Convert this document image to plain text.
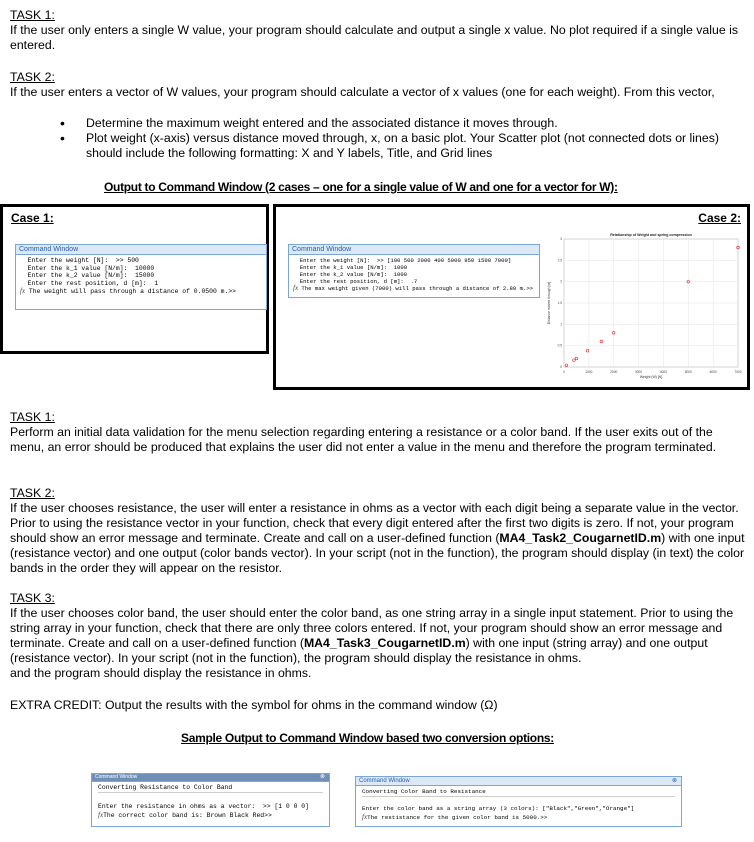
TASK 1:
If the user only enters a single W value, your program should calculate and output a single x value. No plot required if a single value is entered.
TASK 2:
If the user enters a vector of W values, your program should calculate a vector of x values (one for each weight). From this vector,
• Determine the maximum weight entered and the associated distance it moves through.
• Plot weight (x-axis) versus distance moved through, x, on a basic plot. Your Scatter plot (not connected dots or lines) should include the following formatting: X and Y labels, Title, and Grid lines
Output to Command Window (2 cases – one for a single value of W and one for a vector for W):
Case 1:
Command Window
Enter the weight [N]:  >> 500
Enter the k_1 value [N/m]:  10000
Enter the k_2 value [N/m]:  15000
Enter the rest position, d [m]:  1
fx The weight will pass through a distance of 0.0500 m.>>
Case 2:
Command Window
Enter the weight [N]:  >> [100 500 2000 400 5000 950 1500 7000]
Enter the k_1 value [N/m]:  1000
Enter the k_2 value [N/m]:  1000
Enter the rest position, d [m]:  .7
fx The max weight given (7000) will pass through a distance of 2.80 m.>>
0	1000	2000	3000	4000	5000	6000	7000
0
0.5
1
1.5
2
2.5
3
Relationship of Weight and spring compression
Weight (W) [N]
Distance moved through [m]
TASK 1:
Perform an initial data validation for the menu selection regarding entering a resistance or a color band. If the user exits out of the menu, an error should be produced that explains the user did not enter a value in the menu and therefore the program terminated.
TASK 2:
If the user chooses resistance, the user will enter a resistance in ohms as a vector with each digit being a separate value in the vector. Prior to using the resistance vector in your function, check that every digit entered after the first two digits is zero. If not, your program should show an error message and terminate. Create and call on a user-defined function (MA4_Task2_CougarnetID.m) with one input (resistance vector) and one output (color bands vector). In your script (not in the function), the program should display (in text) the color bands in the order they will appear on the resistor.
TASK 3:
If the user chooses color band, the user should enter the color band, as one string array in a single input statement. Prior to using the string array in your function, check that there are only three colors entered. If not, your program should show an error message and terminate. Create and call on a user-defined function (MA4_Task3_CougarnetID.m) with one input (string array) and one output (resistance vector). In your script (not in the function), the program should display the resistance in ohms.
and the program should display the resistance in ohms.
EXTRA CREDIT: Output the results with the symbol for ohms in the command window (Ω)
Sample Output to Command Window based two conversion options:
Command Window	⊗
Converting Resistance to Color Band
Enter the resistance in ohms as a vector:  >> [1 0 0 0]
fxThe correct color band is: Brown Black Red>>
Command Window	⊗
Converting Color Band to Resistance
Enter the color band as a string array (3 colors): ["Black","Green","Orange"]
fxThe restistance for the given color band is 5000.>>
